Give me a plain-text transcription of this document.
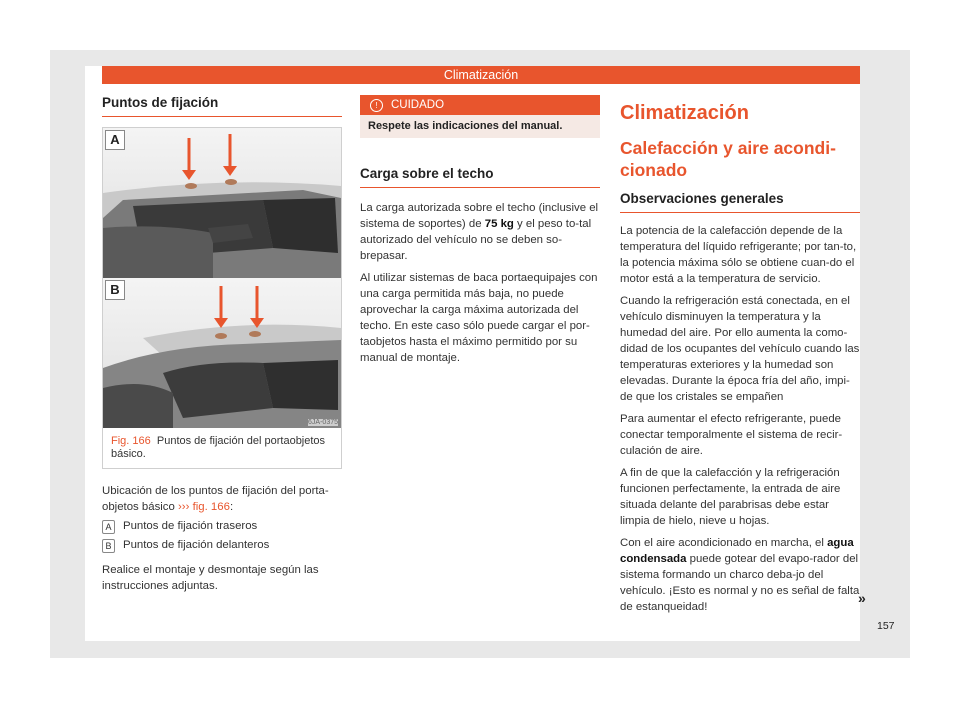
Climatización
Puntos de fijación
A
B
6JA-0375
Fig. 166 Puntos de fijación del portaobjetos básico.

Ubicación de los puntos de fijación del porta-objetos básico ››› fig. 166:

A	Puntos de fijación traseros
B	Puntos de fijación delanteros

Realice el montaje y desmontaje según las instrucciones adjuntas.

!	CUIDADO
Respete las indicaciones del manual.
Carga sobre el techo

La carga autorizada sobre el techo (inclusive el sistema de soportes) de 75 kg y el peso to-tal autorizado del vehículo no se deben so-brepasar.

Al utilizar sistemas de baca portaequipajes con una carga permitida más baja, no puede aprovechar la carga máxima autorizada del techo. En este caso sólo puede cargar el por-taobjetos hasta el máximo permitido por su manual de montaje.

Climatización
Calefacción y aire acondi-cionado
Observaciones generales

La potencia de la calefacción depende de la temperatura del líquido refrigerante; por tan-to, la potencia máxima sólo se obtiene cuan-do el motor está a la temperatura de servicio.

Cuando la refrigeración está conectada, en el vehículo disminuyen la temperatura y la humedad del aire. Por ello aumenta la como-didad de los ocupantes del vehículo cuando las temperaturas exteriores y la humedad son elevadas. Durante la época fría del año, impi-de que los cristales se empañen

Para aumentar el efecto refrigerante, puede conectar temporalmente el sistema de recir-culación de aire.

A fin de que la calefacción y la refrigeración funcionen perfectamente, la entrada de aire situada delante del parabrisas debe estar limpia de hielo, nieve u hojas.

Con el aire acondicionado en marcha, el agua condensada puede gotear del evapo-rador del sistema formando un charco deba-jo del vehículo. ¡Esto es normal y no es señal de falta de estanqueidad!

»
157
